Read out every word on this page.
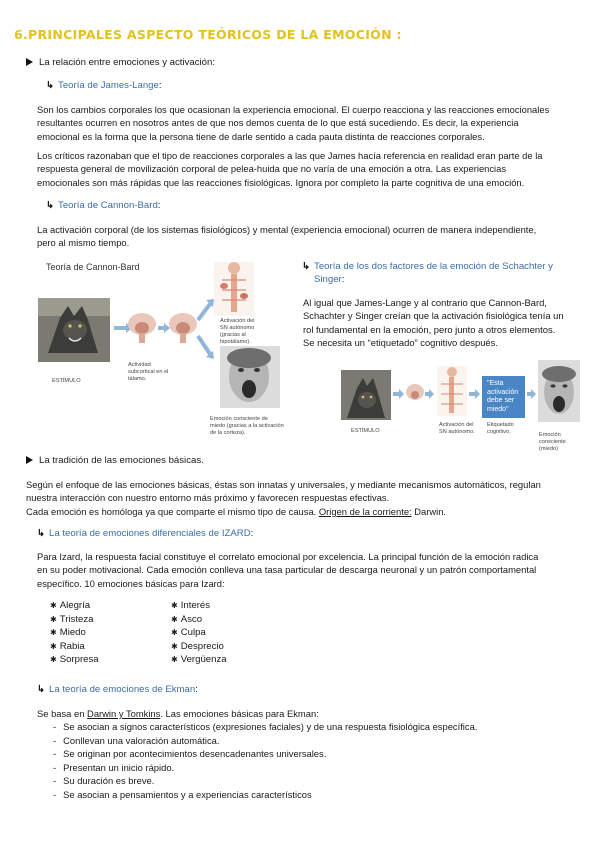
6.PRINCIPALES ASPECTO TEÓRICOS DE LA EMOCIÓN :
La relación entre emociones y activación:
↳ Teoría de James-Lange:
Son los cambios corporales los que ocasionan la experiencia emocional. El cuerpo reacciona y las reacciones emocionales
resultantes ocurren en nosotros antes de que nos demos cuenta de lo que está sucediendo. Es decir, la experiencia
emocional es la forma que la persona tiene de darle sentido a cada pauta distinta de reacciones corporales.
Los críticos razonaban que el tipo de reacciones corporales a las que James hacía referencia en realidad eran parte de la
respuesta general de movilización corporal de pelea-huida que no varía de una emoción a otra. Las experiencias
emocionales son más rápidas que las reacciones fisiológicas. Ignora por completo la parte cognitiva de una emoción.
↳ Teoría de Cannon-Bard:
La activación corporal (de los sistemas fisiológicos) y mental (experiencia emocional) ocurren de manera independiente,
pero al mismo tiempo.
Teoría de Cannon-Bard
ESTÍMULO
Actividad
subcortical en el
tálamo.
Activación del
SN autónomo
(gracias al
hipotálamo).
Emoción consciente de
miedo (gracias a la activación
de la corteza).
↳ Teoría de los dos factores de la emoción de Schachter y
Singer:
Al igual que James-Lange y al contrario que Cannon-Bard,
Schachter y Singer creían que la activación fisiológica tenía un
rol fundamental en la emoción, pero junto a otros elementos.
Se necesita un “etiquetado” cognitivo después.
"Esta
activación
debe ser
miedo"
ESTÍMULO
Activación del
SN autónomo.
Etiquetado
cognitivo.	Emoción consciente
(miedo)
La tradición de las emociones básicas.
Según el enfoque de las emociones básicas, éstas son innatas y universales, y mediante mecanismos automáticos, regulan
nuestra interacción con nuestro entorno más próximo y favorecen respuestas efectivas.
Cada emoción es homóloga ya que comparte el mismo tipo de causa. Origen de la corriente: Darwin.
↳ La teoría de emociones diferenciales de IZARD:
Para Izard, la respuesta facial constituye el correlato emocional por excelencia. La principal función de la emoción radica
en su poder motivacional. Cada emoción conlleva una tasa particular de descarga neuronal y un patrón comportamental
específico. 10 emociones básicas para Izard:
✱ Alegría
✱ Tristeza
✱ Miedo
✱ Rabia
✱ Sorpresa
✱ Interés
✱ Asco
✱ Culpa
✱ Desprecio
✱ Vergüenza
↳ La teoría de emociones de Ekman:
Se basa en Darwin y Tomkins. Las emociones básicas para Ekman:
- Se asocian a signos característicos (expresiones faciales) y de una respuesta fisiológica específica.
- Conllevan una valoración automática.
- Se originan por acontecimientos desencadenantes universales.
- Presentan un inicio rápido.
- Su duración es breve.
- Se asocian a pensamientos y a experiencias característicos
